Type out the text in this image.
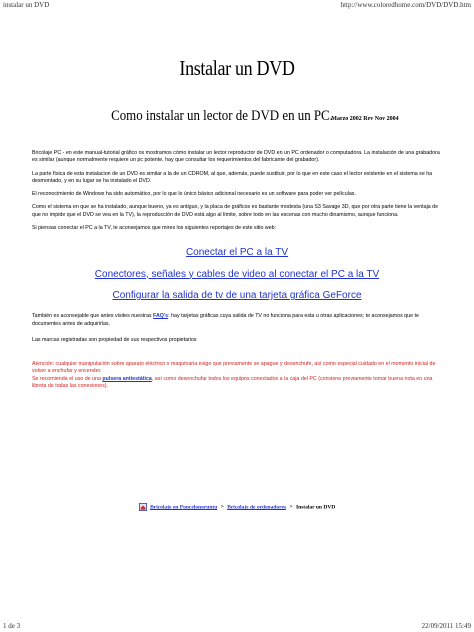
instalar un DVD	http://www.coloredhome.com/DVD/DVD.htm
Instalar un DVD
Como instalar un lector de DVD en un PC. Marzo 2002 Rev Nov 2004

Bricolaje PC - en este manual-tutorial gráfico os mostramos cómo instalar un lector reproductor de DVD en un PC ordenador o computadora. La instalación de una grabadora es similar (aunque normalmente requiere un pc potente, hay que consultar los requerimientos del fabricante del grabador).

La parte física de esta instalacion de un DVD es similar a la de un CDROM, al que, además, puede sustituir, por lo que en este caso el lector existente en el sistema se ha desmontado, y en su lugar se ha instalado el DVD.

El reconocimiento de Windows ha sido automático, por lo que lo único básico adicional necesario es un software para poder ver películas.

Como el sistema en que se ha instalado, aunque bueno, ya es antiguo, y la placa de gráficos es bastante modesta (una S3 Savage 3D, que por otra parte tiene la ventaja de que no impide que el DVD se vea en la TV), la reproducción de DVD está algo al límite, sobre todo en las escenas con mucho dinamismo, aunque funciona.

Si piensas conectar el PC a la TV, te aconsejamos que mires los siguientes reportajes de este sitio web:

Conectar el PC a la TV

Conectores, señales y cables de video al conectar el PC a la TV

Configurar la salida de tv de una tarjeta gráfica GeForce

También es aconsejable que antes visites nuestras FAQ's: hay tarjetas gráficas cuya salida de TV no funciona para esta u otras aplicaciones; te aconsejamos que te documentes antes de adquirirlas.

Las marcas registradas son propiedad de sus respectivos propietarios

Atención: cualquier manipulación sobre aparato eléctrico o maquinaria exige que previamente se apague y desenchufe, así como especial cuidado en el momento inicial de volver a enchufar y encender.
Se recomienda el uso de una pulsera antiestática, así como desenchufar todos los equipos conectados a la caja del PC (conviene previamente tomar buena nota en una libreta de todas las conexiones).

Bricolaje en Poncelonoruntu > Bricolaje de ordenadores > Instalar un DVD
1 de 3	22/09/2011 15:49
